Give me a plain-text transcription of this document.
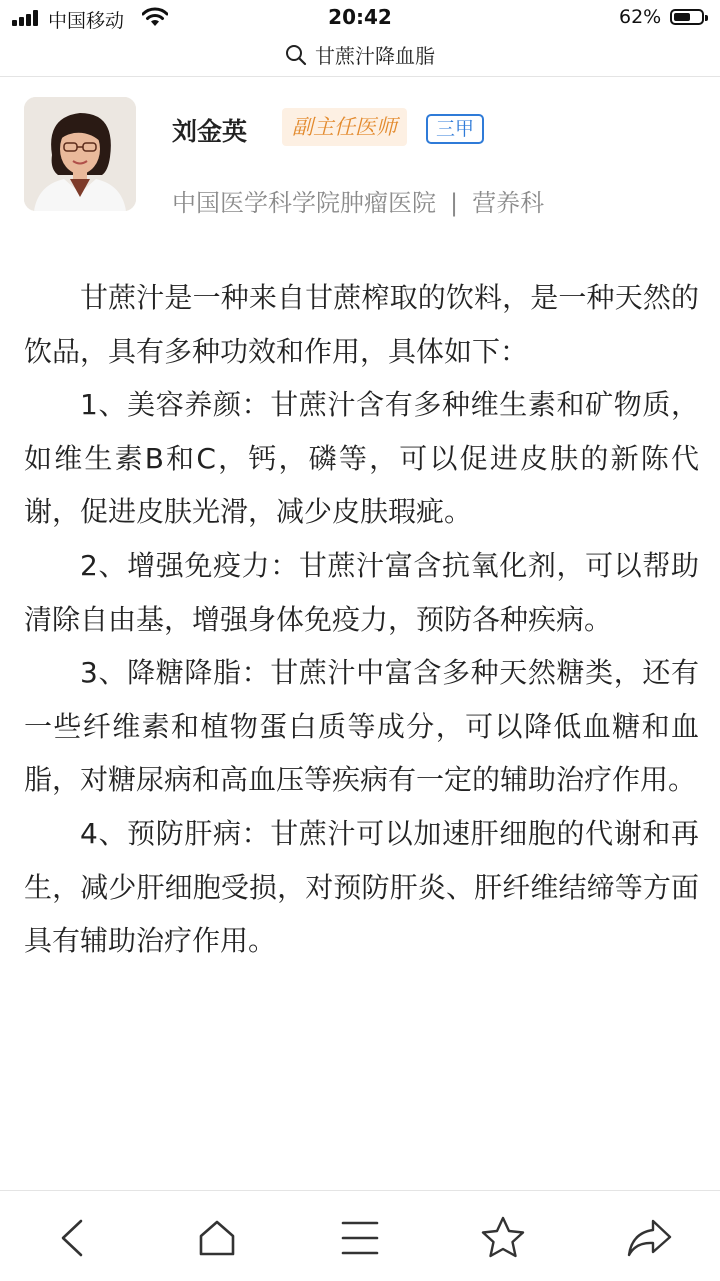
中国移动	20:42	62%
甘蔗汁降血脂
刘金英	副主任医师	三甲
中国医学科学院肿瘤医院 | 营养科

甘蔗汁是一种来自甘蔗榨取的饮料，是一种天然的饮品，具有多种功效和作用，具体如下：

1、美容养颜：甘蔗汁含有多种维生素和矿物质，如维生素B和C，钙，磷等，可以促进皮肤的新陈代谢，促进皮肤光滑，减少皮肤瑕疵。

2、增强免疫力：甘蔗汁富含抗氧化剂，可以帮助清除自由基，增强身体免疫力，预防各种疾病。

3、降糖降脂：甘蔗汁中富含多种天然糖类，还有一些纤维素和植物蛋白质等成分，可以降低血糖和血脂，对糖尿病和高血压等疾病有一定的辅助治疗作用。

4、预防肝病：甘蔗汁可以加速肝细胞的代谢和再生，减少肝细胞受损，对预防肝炎、肝纤维结缔等方面具有辅助治疗作用。
